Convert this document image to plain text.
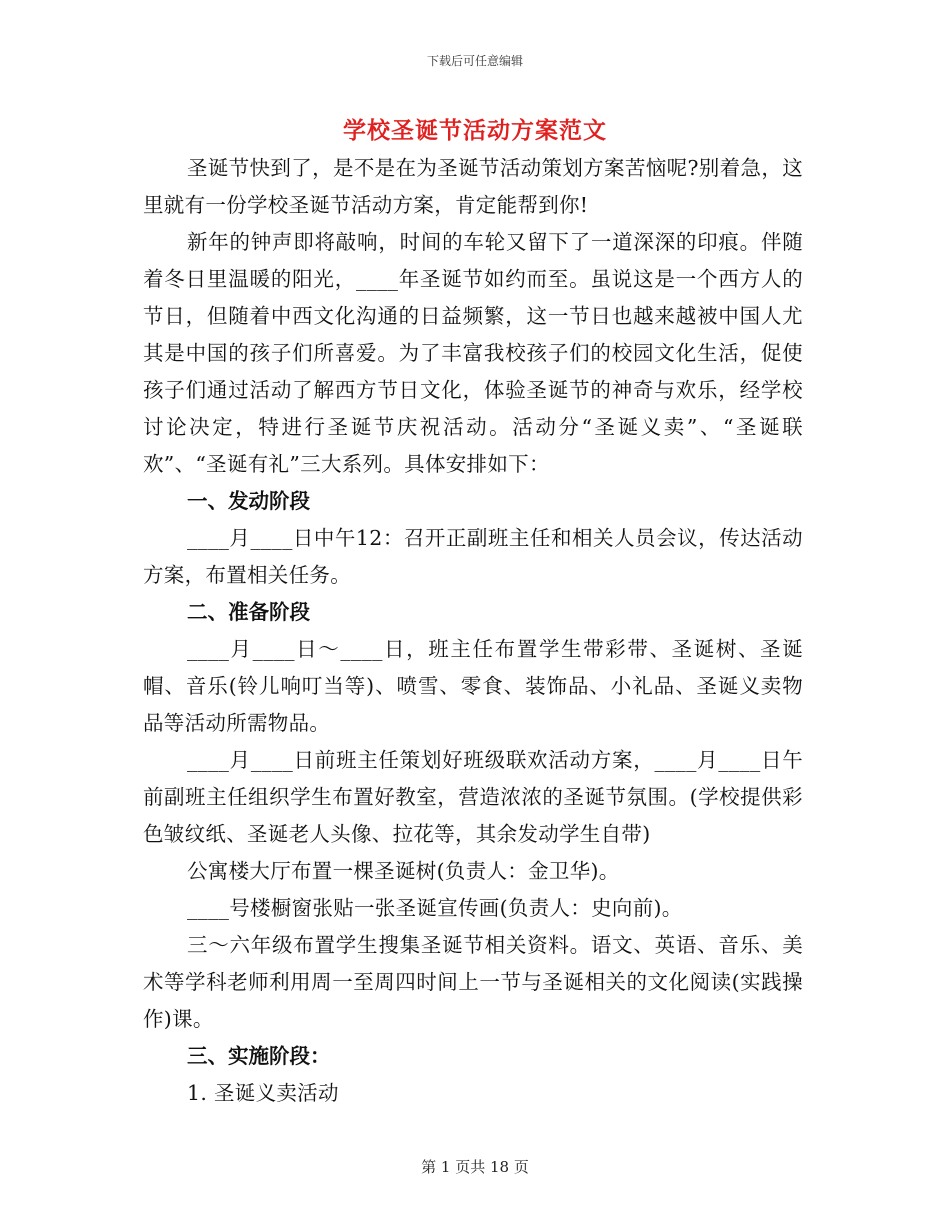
下载后可任意编辑
学校圣诞节活动方案范文

圣诞节快到了，是不是在为圣诞节活动策划方案苦恼呢?别着急，这里就有一份学校圣诞节活动方案，肯定能帮到你!

新年的钟声即将敲响，时间的车轮又留下了一道深深的印痕。伴随着冬日里温暖的阳光，____年圣诞节如约而至。虽说这是一个西方人的节日，但随着中西文化沟通的日益频繁，这一节日也越来越被中国人尤其是中国的孩子们所喜爱。为了丰富我校孩子们的校园文化生活，促使孩子们通过活动了解西方节日文化，体验圣诞节的神奇与欢乐，经学校讨论决定，特进行圣诞节庆祝活动。活动分“圣诞义卖”、“圣诞联欢”、“圣诞有礼”三大系列。具体安排如下：

一、发动阶段

____月____日中午12：召开正副班主任和相关人员会议，传达活动方案，布置相关任务。

二、准备阶段

____月____日～____日，班主任布置学生带彩带、圣诞树、圣诞帽、音乐(铃儿响叮当等)、喷雪、零食、装饰品、小礼品、圣诞义卖物品等活动所需物品。

____月____日前班主任策划好班级联欢活动方案，____月____日午前副班主任组织学生布置好教室，营造浓浓的圣诞节氛围。(学校提供彩色皱纹纸、圣诞老人头像、拉花等，其余发动学生自带)

公寓楼大厅布置一棵圣诞树(负责人：金卫华)。

____号楼橱窗张贴一张圣诞宣传画(负责人：史向前)。

三～六年级布置学生搜集圣诞节相关资料。语文、英语、音乐、美术等学科老师利用周一至周四时间上一节与圣诞相关的文化阅读(实践操作)课。

三、实施阶段：

1. 圣诞义卖活动

第 1 页共 18 页
